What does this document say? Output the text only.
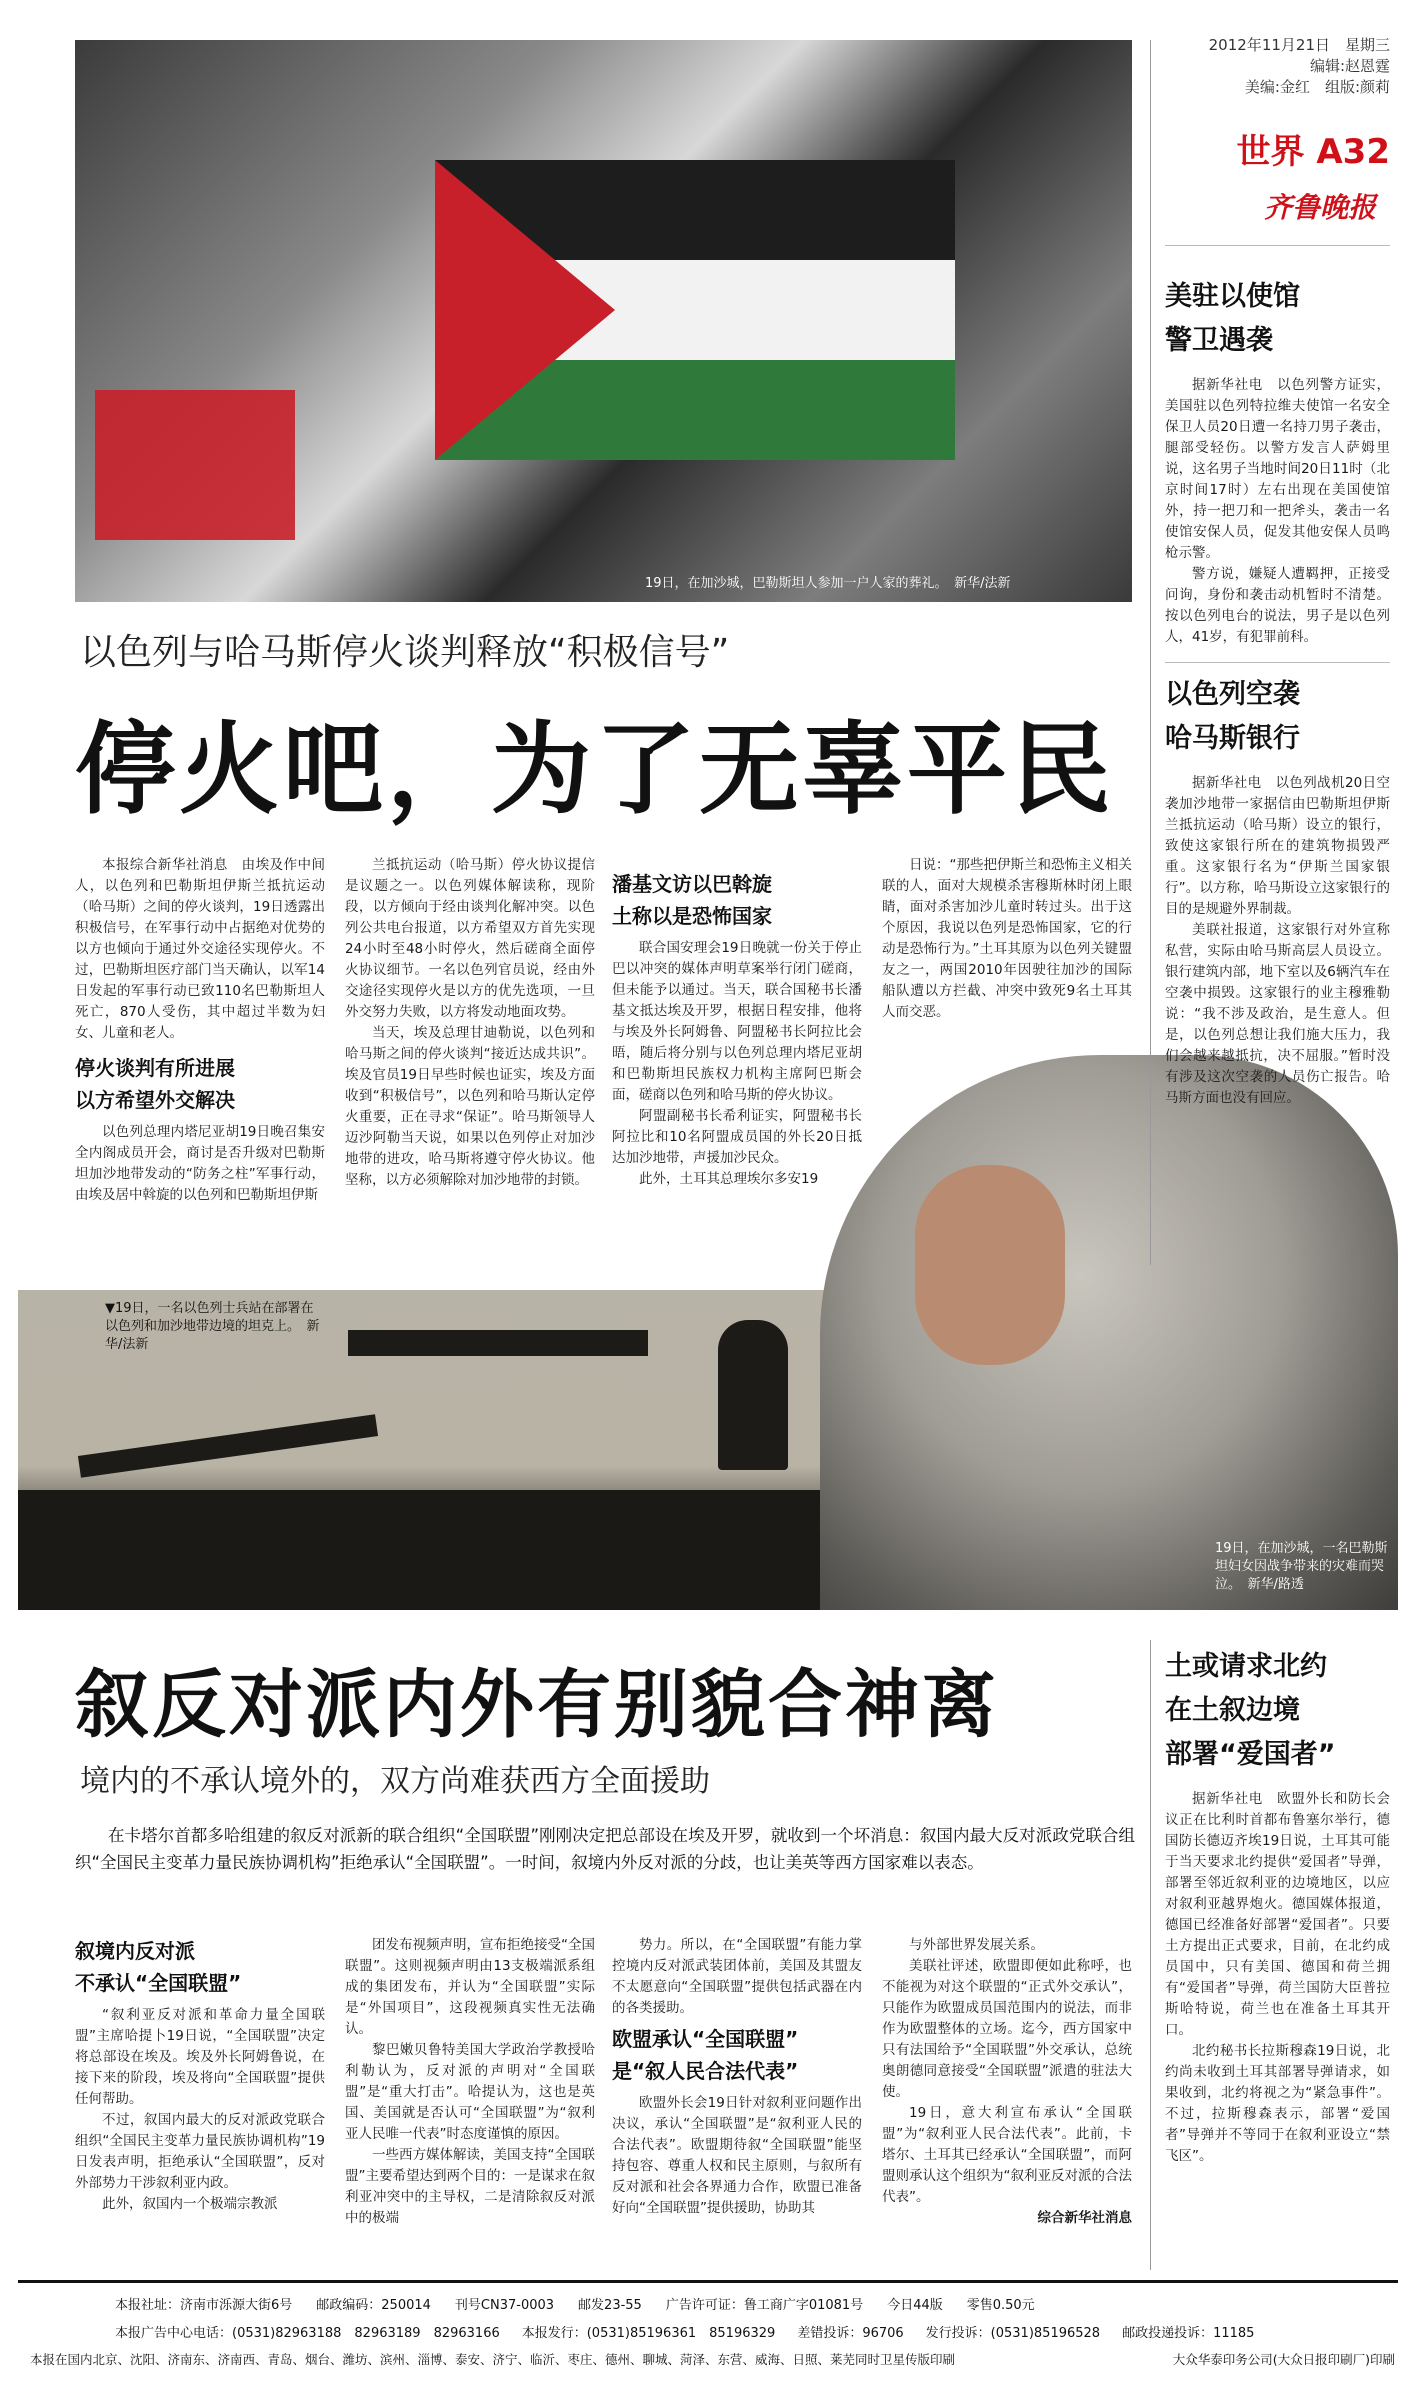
19日，在加沙城，巴勒斯坦人参加一户人家的葬礼。　 新华/法新
2012年11月21日　星期三
编辑:赵恩霆
美编:金红　组版:颜莉
世界 A32
齐鲁晚报
以色列与哈马斯停火谈判释放“积极信号”
停火吧，为了无辜平民

本报综合新华社消息　由埃及作中间人，以色列和巴勒斯坦伊斯兰抵抗运动（哈马斯）之间的停火谈判，19日透露出积极信号，在军事行动中占据绝对优势的以方也倾向于通过外交途径实现停火。不过，巴勒斯坦医疗部门当天确认，以军14日发起的军事行动已致110名巴勒斯坦人死亡，870人受伤，其中超过半数为妇女、儿童和老人。

停火谈判有所进展
以方希望外交解决

以色列总理内塔尼亚胡19日晚召集安全内阁成员开会，商讨是否升级对巴勒斯坦加沙地带发动的“防务之柱”军事行动，由埃及居中斡旋的以色列和巴勒斯坦伊斯

兰抵抗运动（哈马斯）停火协议提信是议题之一。以色列媒体解读称，现阶段，以方倾向于经由谈判化解冲突。以色列公共电台报道，以方希望双方首先实现24小时至48小时停火，然后磋商全面停火协议细节。一名以色列官员说，经由外交途径实现停火是以方的优先选项，一旦外交努力失败，以方将发动地面攻势。

当天，埃及总理甘迪勒说，以色列和哈马斯之间的停火谈判“接近达成共识”。埃及官员19日早些时候也证实，埃及方面收到“积极信号”，以色列和哈马斯认定停火重要，正在寻求“保证”。哈马斯领导人迈沙阿勒当天说，如果以色列停止对加沙地带的进攻，哈马斯将遵守停火协议。他坚称，以方必须解除对加沙地带的封锁。

潘基文访以巴斡旋
土称以是恐怖国家

联合国安理会19日晚就一份关于停止巴以冲突的媒体声明草案举行闭门磋商，但未能予以通过。当天，联合国秘书长潘基文抵达埃及开罗，根据日程安排，他将与埃及外长阿姆鲁、阿盟秘书长阿拉比会晤，随后将分别与以色列总理内塔尼亚胡和巴勒斯坦民族权力机构主席阿巴斯会面，磋商以色列和哈马斯的停火协议。

阿盟副秘书长希利证实，阿盟秘书长阿拉比和10名阿盟成员国的外长20日抵达加沙地带，声援加沙民众。

此外，土耳其总理埃尔多安19

日说：“那些把伊斯兰和恐怖主义相关联的人，面对大规模杀害穆斯林时闭上眼睛，面对杀害加沙儿童时转过头。出于这个原因，我说以色列是恐怖国家，它的行动是恐怖行为。”土耳其原为以色列关键盟友之一，两国2010年因驶往加沙的国际船队遭以方拦截、冲突中致死9名土耳其人而交恶。

▼19日，一名以色列士兵站在部署在以色列和加沙地带边境的坦克上。　 新华/法新
19日，在加沙城，一名巴勒斯坦妇女因战争带来的灾难而哭泣。　 新华/路透
美驻以使馆
警卫遇袭

据新华社电　以色列警方证实，美国驻以色列特拉维夫使馆一名安全保卫人员20日遭一名持刀男子袭击，腿部受轻伤。以警方发言人萨姆里说，这名男子当地时间20日11时（北京时间17时）左右出现在美国使馆外，持一把刀和一把斧头，袭击一名使馆安保人员，促发其他安保人员鸣枪示警。

警方说，嫌疑人遭羁押，正接受问询，身份和袭击动机暂时不清楚。按以色列电台的说法，男子是以色列人，41岁，有犯罪前科。

以色列空袭
哈马斯银行

据新华社电　以色列战机20日空袭加沙地带一家据信由巴勒斯坦伊斯兰抵抗运动（哈马斯）设立的银行，致使这家银行所在的建筑物损毁严重。这家银行名为“伊斯兰国家银行”。以方称，哈马斯设立这家银行的目的是规避外界制裁。

美联社报道，这家银行对外宣称私营，实际由哈马斯高层人员设立。银行建筑内部，地下室以及6辆汽车在空袭中损毁。这家银行的业主穆雅勒说：“我不涉及政治，是生意人。但是，以色列总想让我们施大压力，我们会越来越抵抗，决不屈服。”暂时没有涉及这次空袭的人员伤亡报告。哈马斯方面也没有回应。

叙反对派内外有别貌合神离
境内的不承认境外的，双方尚难获西方全面援助

在卡塔尔首都多哈组建的叙反对派新的联合组织“全国联盟”刚刚决定把总部设在埃及开罗，就收到一个坏消息：叙国内最大反对派政党联合组织“全国民主变革力量民族协调机构”拒绝承认“全国联盟”。一时间，叙境内外反对派的分歧，也让美英等西方国家难以表态。

叙境内反对派
不承认“全国联盟”

“叙利亚反对派和革命力量全国联盟”主席哈提卜19日说，“全国联盟”决定将总部设在埃及。埃及外长阿姆鲁说，在接下来的阶段，埃及将向“全国联盟”提供任何帮助。

不过，叙国内最大的反对派政党联合组织“全国民主变革力量民族协调机构”19日发表声明，拒绝承认“全国联盟”，反对外部势力干涉叙利亚内政。

此外，叙国内一个极端宗教派

团发布视频声明，宣布拒绝接受“全国联盟”。这则视频声明由13支极端派系组成的集团发布，并认为“全国联盟”实际是“外国项目”，这段视频真实性无法确认。

黎巴嫩贝鲁特美国大学政治学教授哈利勒认为，反对派的声明对“全国联盟”是“重大打击”。哈提认为，这也是英国、美国就是否认可“全国联盟”为“叙利亚人民唯一代表”时态度谨慎的原因。

一些西方媒体解读，美国支持“全国联盟”主要希望达到两个目的：一是谋求在叙利亚冲突中的主导权，二是清除叙反对派中的极端

势力。所以，在“全国联盟”有能力掌控境内反对派武装团体前，美国及其盟友不太愿意向“全国联盟”提供包括武器在内的各类援助。

欧盟承认“全国联盟”
是“叙人民合法代表”

欧盟外长会19日针对叙利亚问题作出决议，承认“全国联盟”是“叙利亚人民的合法代表”。欧盟期待叙“全国联盟”能坚持包容、尊重人权和民主原则，与叙所有反对派和社会各界通力合作，欧盟已准备好向“全国联盟”提供援助，协助其

与外部世界发展关系。

美联社评述，欧盟即便如此称呼，也不能视为对这个联盟的“正式外交承认”，只能作为欧盟成员国范围内的说法，而非作为欧盟整体的立场。迄今，西方国家中只有法国给予“全国联盟”外交承认，总统奥朗德同意接受“全国联盟”派遣的驻法大使。

19日，意大利宣布承认“全国联盟”为“叙利亚人民合法代表”。此前，卡塔尔、土耳其已经承认“全国联盟”，而阿盟则承认这个组织为“叙利亚反对派的合法代表”。

综合新华社消息
土或请求北约
在土叙边境
部署“爱国者”

据新华社电　欧盟外长和防长会议正在比利时首都布鲁塞尔举行，德国防长德迈齐埃19日说，土耳其可能于当天要求北约提供“爱国者”导弹，部署至邻近叙利亚的边境地区，以应对叙利亚越界炮火。德国媒体报道，德国已经准备好部署“爱国者”。只要土方提出正式要求，目前，在北约成员国中，只有美国、德国和荷兰拥有“爱国者”导弹，荷兰国防大臣普拉斯哈特说，荷兰也在准备土耳其开口。

北约秘书长拉斯穆森19日说，北约尚未收到土耳其部署导弹请求，如果收到，北约将视之为“紧急事件”。不过，拉斯穆森表示，部署“爱国者”导弹并不等同于在叙利亚设立“禁飞区”。

本报社址：济南市泺源大街6号 邮政编码：250014 刊号CN37-0003 邮发23-55 广告许可证：鲁工商广字01081号 今日44版 零售0.50元
本报广告中心电话：(0531)82963188　82963189　82963166 本报发行：(0531)85196361　85196329 差错投诉：96706 发行投诉：(0531)85196528 邮政投递投诉：11185
本报在国内北京、沈阳、济南东、济南西、青岛、烟台、潍坊、滨州、淄博、泰安、济宁、临沂、枣庄、德州、聊城、菏泽、东营、威海、日照、莱芜同时卫星传版印刷	大众华泰印务公司(大众日报印刷厂)印刷
